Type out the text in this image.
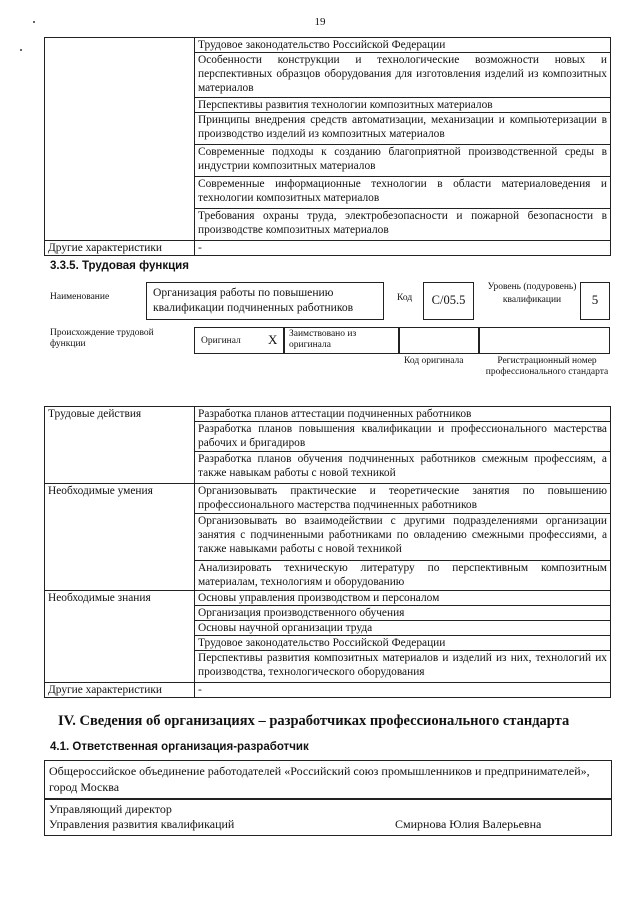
19
	Трудовое законодательство Российской Федерации
	Особенности конструкции и технологические возможности новых и перспективных образцов оборудования для изготовления изделий из композитных материалов
	Перспективы развития технологии композитных материалов
	Принципы внедрения средств автоматизации, механизации и компьютеризации в производство изделий из композитных материалов
	Современные подходы к созданию благоприятной производственной среды в индустрии композитных материалов
	Современные информационные технологии в области материаловедения и технологии композитных материалов
	Требования охраны труда, электробезопасности и пожарной безопасности в производстве композитных материалов
Другие характеристики	-
3.3.5. Трудовая функция
Наименование	Организация работы по повышению квалификации подчиненных работников
Код	C/05.5
Уровень (подуровень) квалификации	5
Происхождение трудовой функции	Оригинал X	Заимствовано из оригинала
Код оригинала	Регистрационный номер профессионального стандарта
Трудовые действия	Разработка планов аттестации подчиненных работников
	Разработка планов повышения квалификации и профессионального мастерства рабочих и бригадиров
	Разработка планов обучения подчиненных работников смежным профессиям, а также навыкам работы с новой техникой
Необходимые умения	Организовывать практические и теоретические занятия по повышению профессионального мастерства подчиненных работников
	Организовывать во взаимодействии с другими подразделениями организации занятия с подчиненными работниками по овладению смежными профессиями, а также навыками работы с новой техникой
	Анализировать техническую литературу по перспективным композитным материалам, технологиям и оборудованию
Необходимые знания	Основы управления производством и персоналом
	Организация производственного обучения
	Основы научной организации труда
	Трудовое законодательство Российской Федерации
	Перспективы развития композитных материалов и изделий из них, технологий их производства, технологического оборудования
Другие характеристики	-
IV. Сведения об организациях – разработчиках профессионального стандарта
4.1. Ответственная организация-разработчик
Общероссийское объединение работодателей «Российский союз промышленников и предпринимателей», город Москва
Управляющий директор
Управления развития квалификаций	Смирнова Юлия Валерьевна
